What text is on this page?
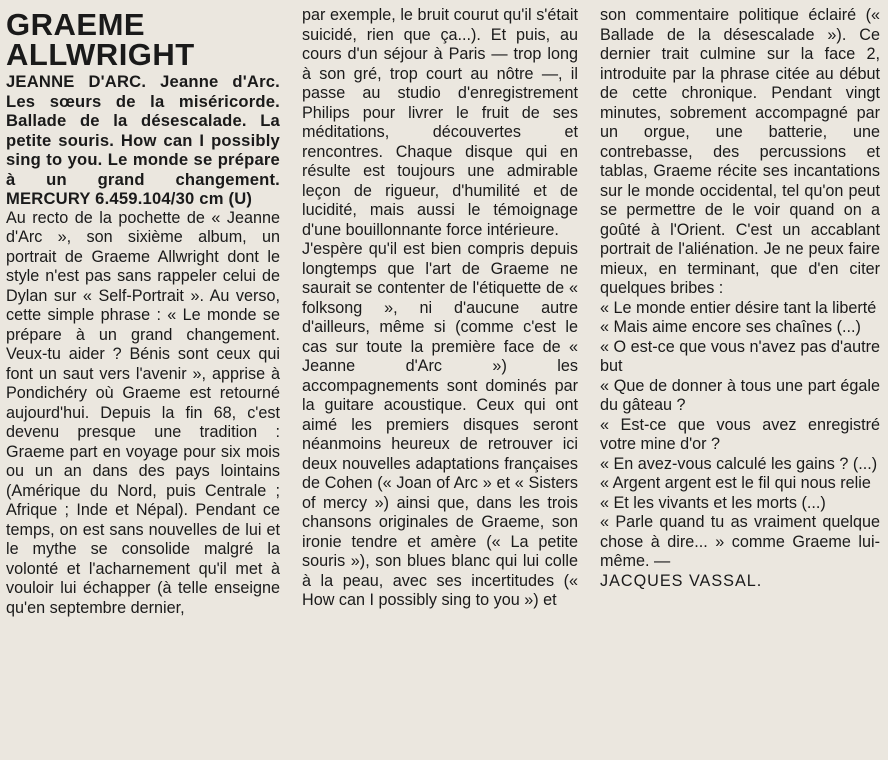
GRAEME ALLWRIGHT
JEANNE D'ARC. Jeanne d'Arc. Les sœurs de la miséricorde. Ballade de la désescalade. La petite souris. How can I possibly sing to you. Le monde se prépare à un grand changement. MERCURY 6.459.104/30 cm (U)
Au recto de la pochette de « Jeanne d'Arc », son sixième album, un portrait de Graeme Allwright dont le style n'est pas sans rappeler celui de Dylan sur « Self-Portrait ». Au verso, cette simple phrase : « Le monde se prépare à un grand changement. Veux-tu aider ? Bénis sont ceux qui font un saut vers l'avenir », apprise à Pondichéry où Graeme est retourné aujourd'hui. Depuis la fin 68, c'est devenu presque une tradition : Graeme part en voyage pour six mois ou un an dans des pays lointains (Amérique du Nord, puis Centrale ; Afrique ; Inde et Népal). Pendant ce temps, on est sans nouvelles de lui et le mythe se consolide malgré la volonté et l'acharnement qu'il met à vouloir lui échapper (à telle enseigne qu'en septembre dernier,
par exemple, le bruit courut qu'il s'était suicidé, rien que ça...). Et puis, au cours d'un séjour à Paris — trop long à son gré, trop court au nôtre —, il passe au studio d'enregistrement Philips pour livrer le fruit de ses méditations, découvertes et rencontres. Chaque disque qui en résulte est toujours une admirable leçon de rigueur, d'humilité et de lucidité, mais aussi le témoignage d'une bouillonnante force intérieure.
J'espère qu'il est bien compris depuis longtemps que l'art de Graeme ne saurait se contenter de l'étiquette de « folksong », ni d'aucune autre d'ailleurs, même si (comme c'est le cas sur toute la première face de « Jeanne d'Arc ») les accompagnements sont dominés par la guitare acoustique. Ceux qui ont aimé les premiers disques seront néanmoins heureux de retrouver ici deux nouvelles adaptations françaises de Cohen (« Joan of Arc » et « Sisters of mercy ») ainsi que, dans les trois chansons originales de Graeme, son ironie tendre et amère (« La petite souris »), son blues blanc qui lui colle à la peau, avec ses incertitudes (« How can I possibly sing to you ») et
son commentaire politique éclairé (« Ballade de la désescalade »). Ce dernier trait culmine sur la face 2, introduite par la phrase citée au début de cette chronique. Pendant vingt minutes, sobrement accompagné par un orgue, une batterie, une contrebasse, des percussions et tablas, Graeme récite ses incantations sur le monde occidental, tel qu'on peut se permettre de le voir quand on a goûté à l'Orient. C'est un accablant portrait de l'aliénation. Je ne peux faire mieux, en terminant, que d'en citer quelques bribes :
« Le monde entier désire tant la liberté
« Mais aime encore ses chaînes (...)
« O est-ce que vous n'avez pas d'autre but
« Que de donner à tous une part égale du gâteau ?
« Est-ce que vous avez enregistré votre mine d'or ?
« En avez-vous calculé les gains ? (...)
« Argent argent est le fil qui nous relie
« Et les vivants et les morts (...)
« Parle quand tu as vraiment quelque chose à dire... » comme Graeme lui-même. —
JACQUES VASSAL.
